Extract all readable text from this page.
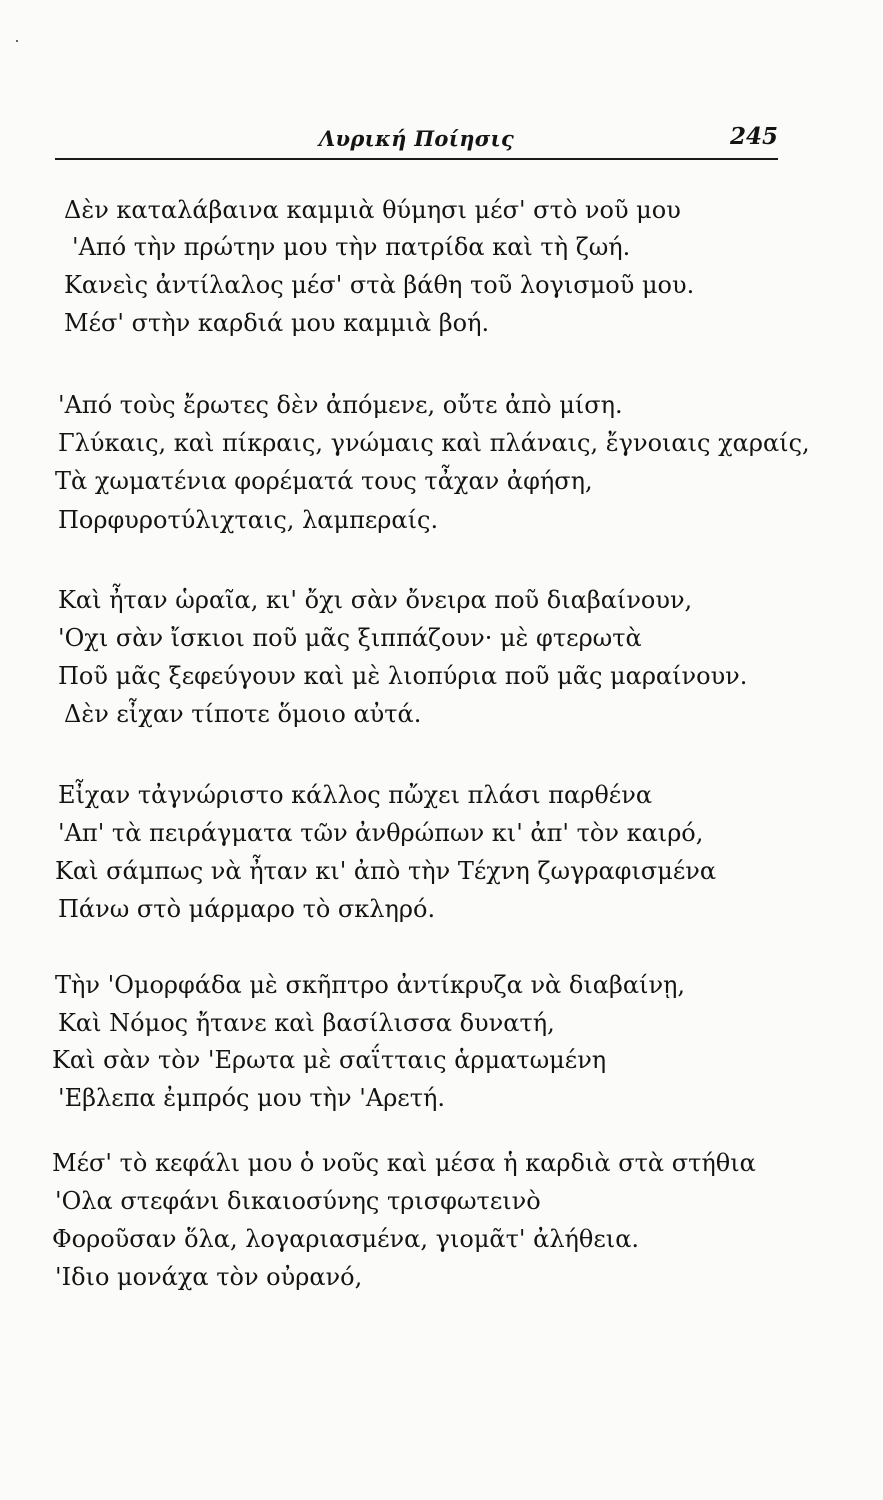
Λυρική Ποίησις	245
Δὲν καταλάβαινα καμμιὰ θύμησι μέσ' στὸ νοῦ μου
'Από τὴν πρώτην μου τὴν πατρίδα καὶ τὴ ζωή.
Κανεὶς ἀντίλαλος μέσ' στὰ βάθη τοῦ λογισμοῦ μου.
Μέσ' στὴν καρδιά μου καμμιὰ βοή.
'Από τοὺς ἔρωτες δὲν ἀπόμενε, οὔτε ἀπὸ μίση.
Γλύκαις, καὶ πίκραις, γνώμαις καὶ πλάναις, ἔγνοιαις χαραίς,
Τὰ χωματένια φορέματά τους τἆχαν ἀφήση,
Πορφυροτύλιχταις, λαμπεραίς.
Καὶ ἦταν ὡραῖα, κι' ὄχι σὰν ὄνειρα ποῦ διαβαίνουν,
'Οχι σὰν ἴσκιοι ποῦ μᾶς ξιππάζουν· μὲ φτερωτὰ
Ποῦ μᾶς ξεφεύγουν καὶ μὲ λιοπύρια ποῦ μᾶς μαραίνουν.
Δὲν εἶχαν τίποτε ὅμοιο αὐτά.
Εἶχαν τἀγνώριστο κάλλος πὤχει πλάσι παρθένα
'Απ' τὰ πειράγματα τῶν ἀνθρώπων κι' ἀπ' τὸν καιρό,
Καὶ σάμπως νὰ ἦταν κι' ἀπὸ τὴν Τέχνη ζωγραφισμένα
Πάνω στὸ μάρμαρο τὸ σκληρό.
Τὴν 'Ομορφάδα μὲ σκῆπτρο ἀντίκρυζα νὰ διαβαίνῃ,
Καὶ Νόμος ἤτανε καὶ βασίλισσα δυνατή,
Καὶ σὰν τὸν 'Ερωτα μὲ σαΐτταις ἁρματωμένη
'Εβλεπα ἐμπρός μου τὴν 'Αρετή.
Μέσ' τὸ κεφάλι μου ὁ νοῦς καὶ μέσα ἡ καρδιὰ στὰ στήθια
'Ολα στεφάνι δικαιοσύνης τρισφωτεινὸ
Φοροῦσαν ὅλα, λογαριασμένα, γιομᾶτ' ἀλήθεια.
'Ιδιο μονάχα τὸν οὐρανό,
